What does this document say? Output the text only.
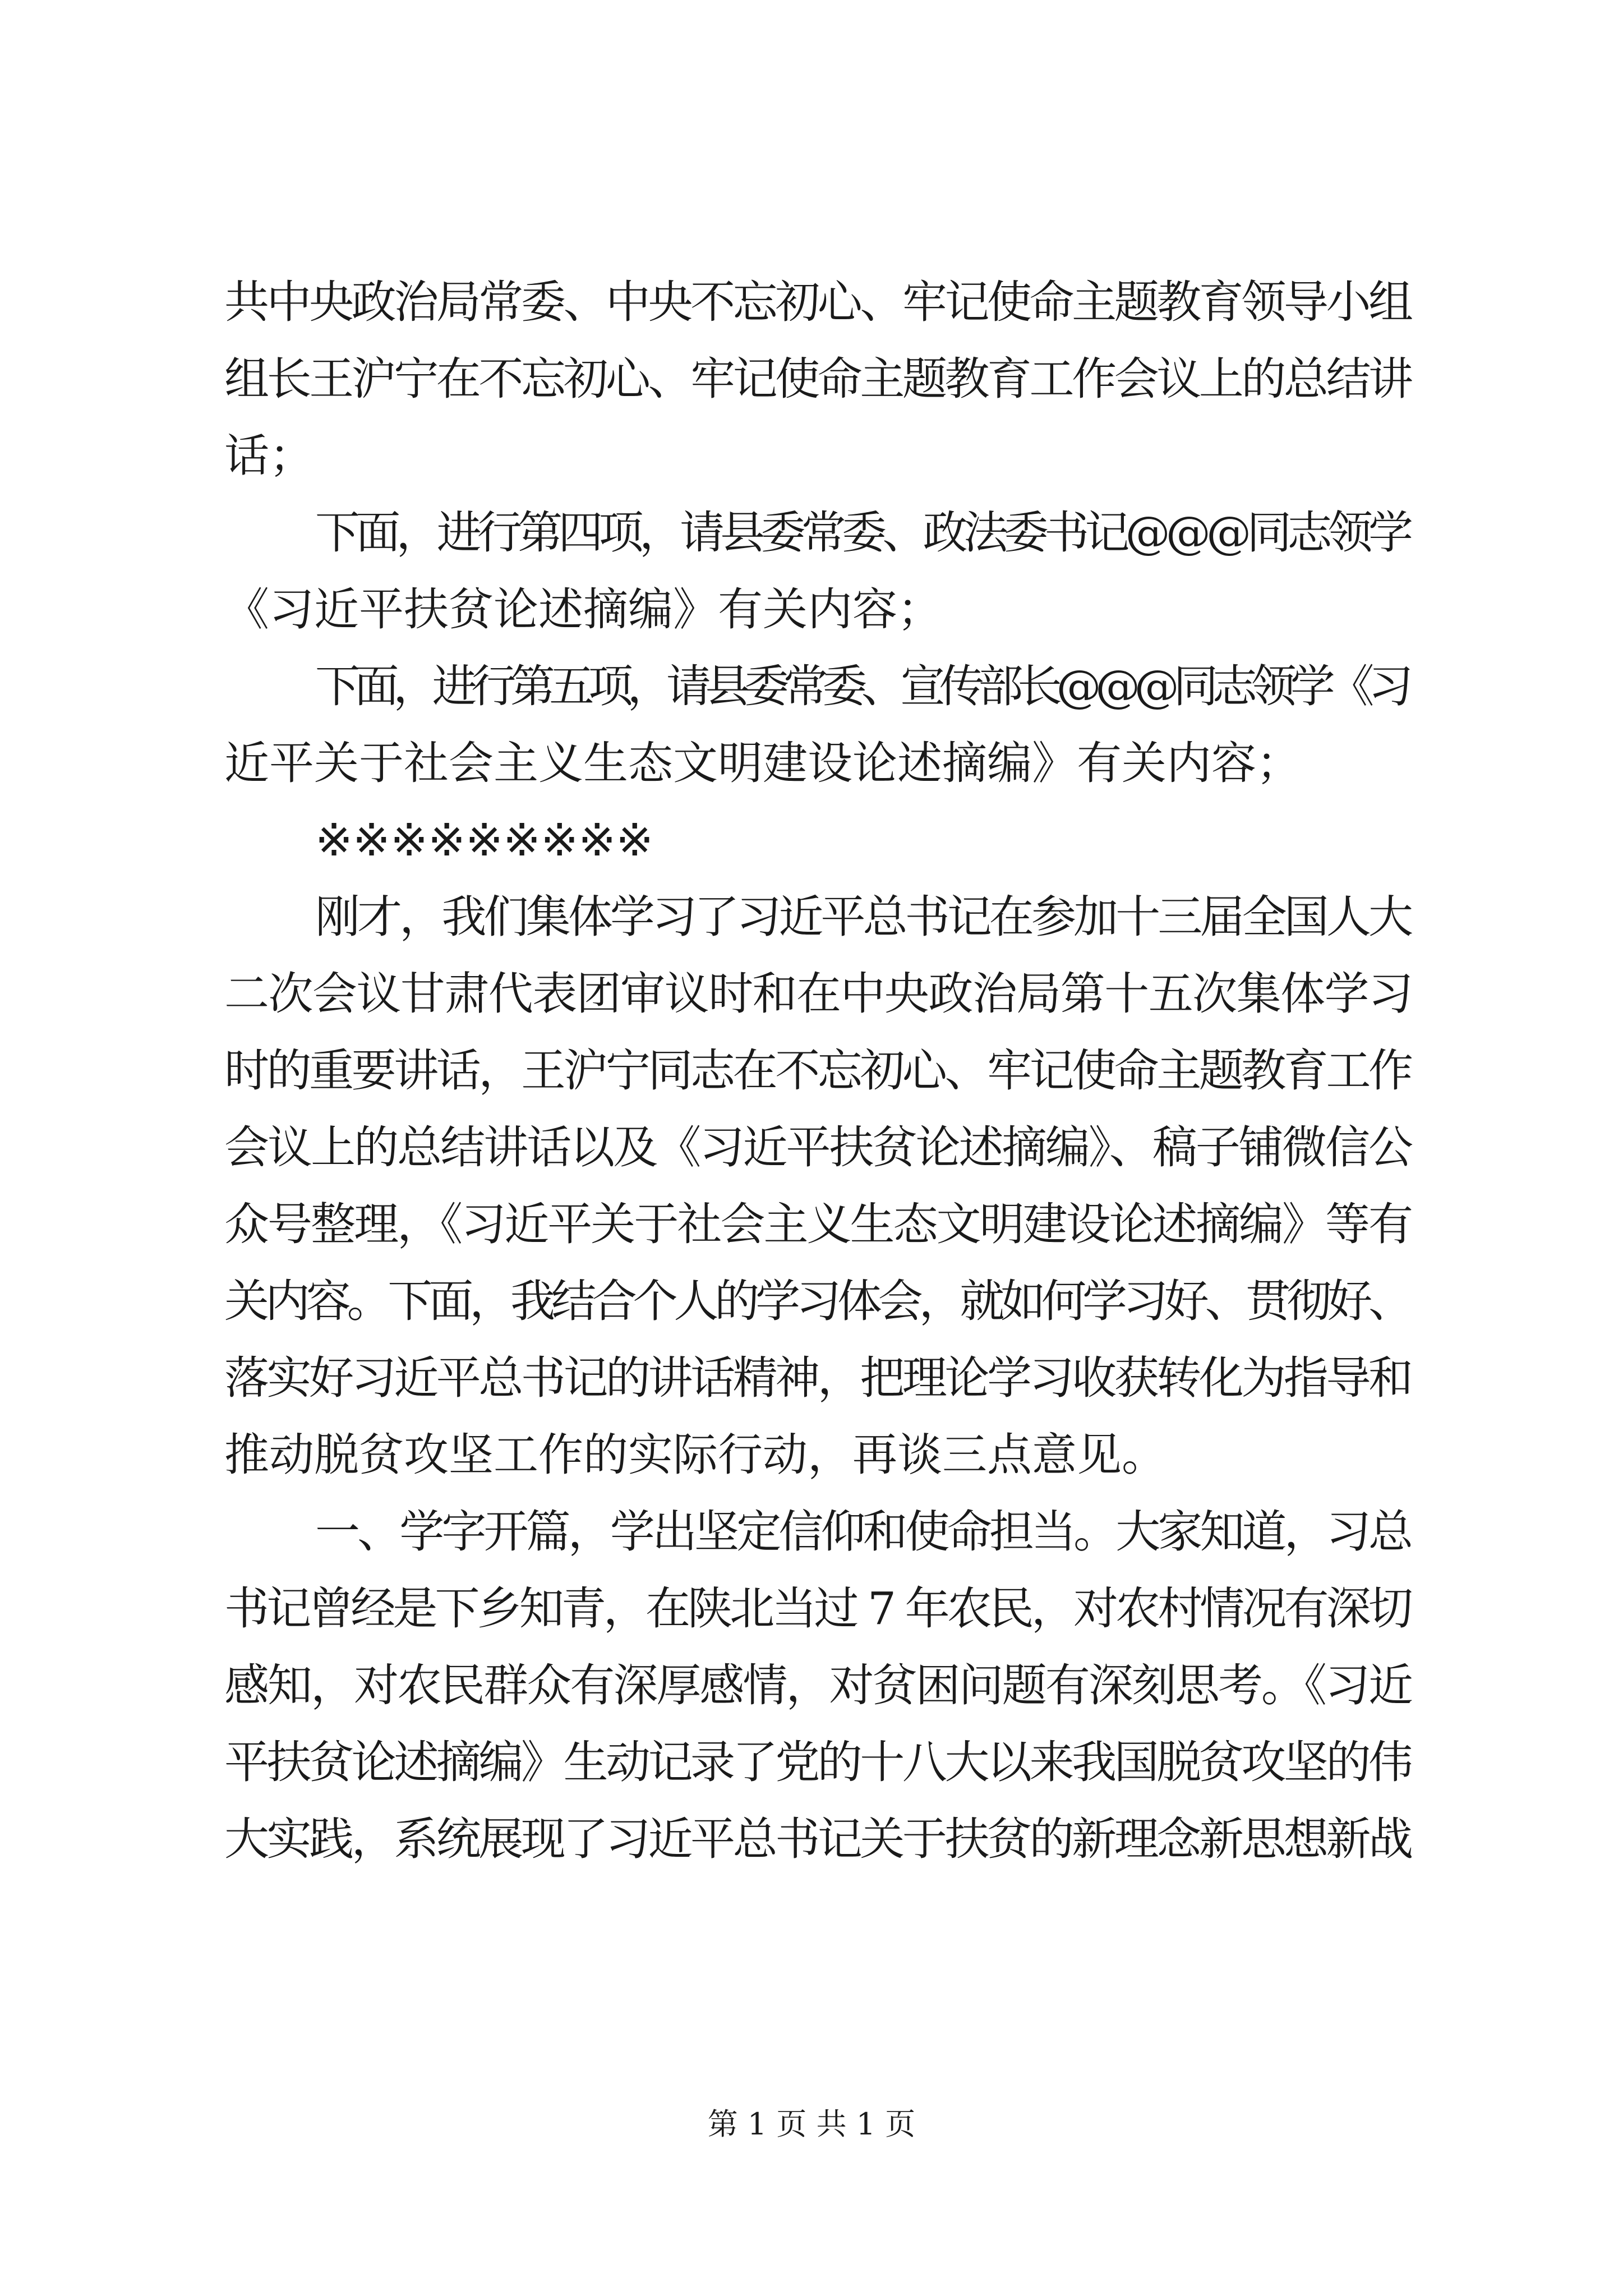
共中央政治局常委、中央不忘初心、牢记使命主题教育领导小组
组长王沪宁在不忘初心、牢记使命主题教育工作会议上的总结讲
话；
下面，进行第四项，请县委常委、政法委书记@@@同志领学
《习近平扶贫论述摘编》有关内容；
下面，进行第五项，请县委常委、宣传部长@@@同志领学《习
近平关于社会主义生态文明建设论述摘编》有关内容；
※※※※※※※※※
刚才，我们集体学习了习近平总书记在参加十三届全国人大
二次会议甘肃代表团审议时和在中央政治局第十五次集体学习
时的重要讲话，王沪宁同志在不忘初心、牢记使命主题教育工作
会议上的总结讲话以及《习近平扶贫论述摘编》、稿子铺微信公
众号整理，《习近平关于社会主义生态文明建设论述摘编》等有
关内容。下面，我结合个人的学习体会，就如何学习好、贯彻好、
落实好习近平总书记的讲话精神，把理论学习收获转化为指导和
推动脱贫攻坚工作的实际行动，再谈三点意见。
一、学字开篇，学出坚定信仰和使命担当。大家知道，习总
书记曾经是下乡知青，在陕北当过 7 年农民，对农村情况有深切
感知，对农民群众有深厚感情，对贫困问题有深刻思考。《习近
平扶贫论述摘编》生动记录了党的十八大以来我国脱贫攻坚的伟
大实践，系统展现了习近平总书记关于扶贫的新理念新思想新战
第 1 页 共 1 页
